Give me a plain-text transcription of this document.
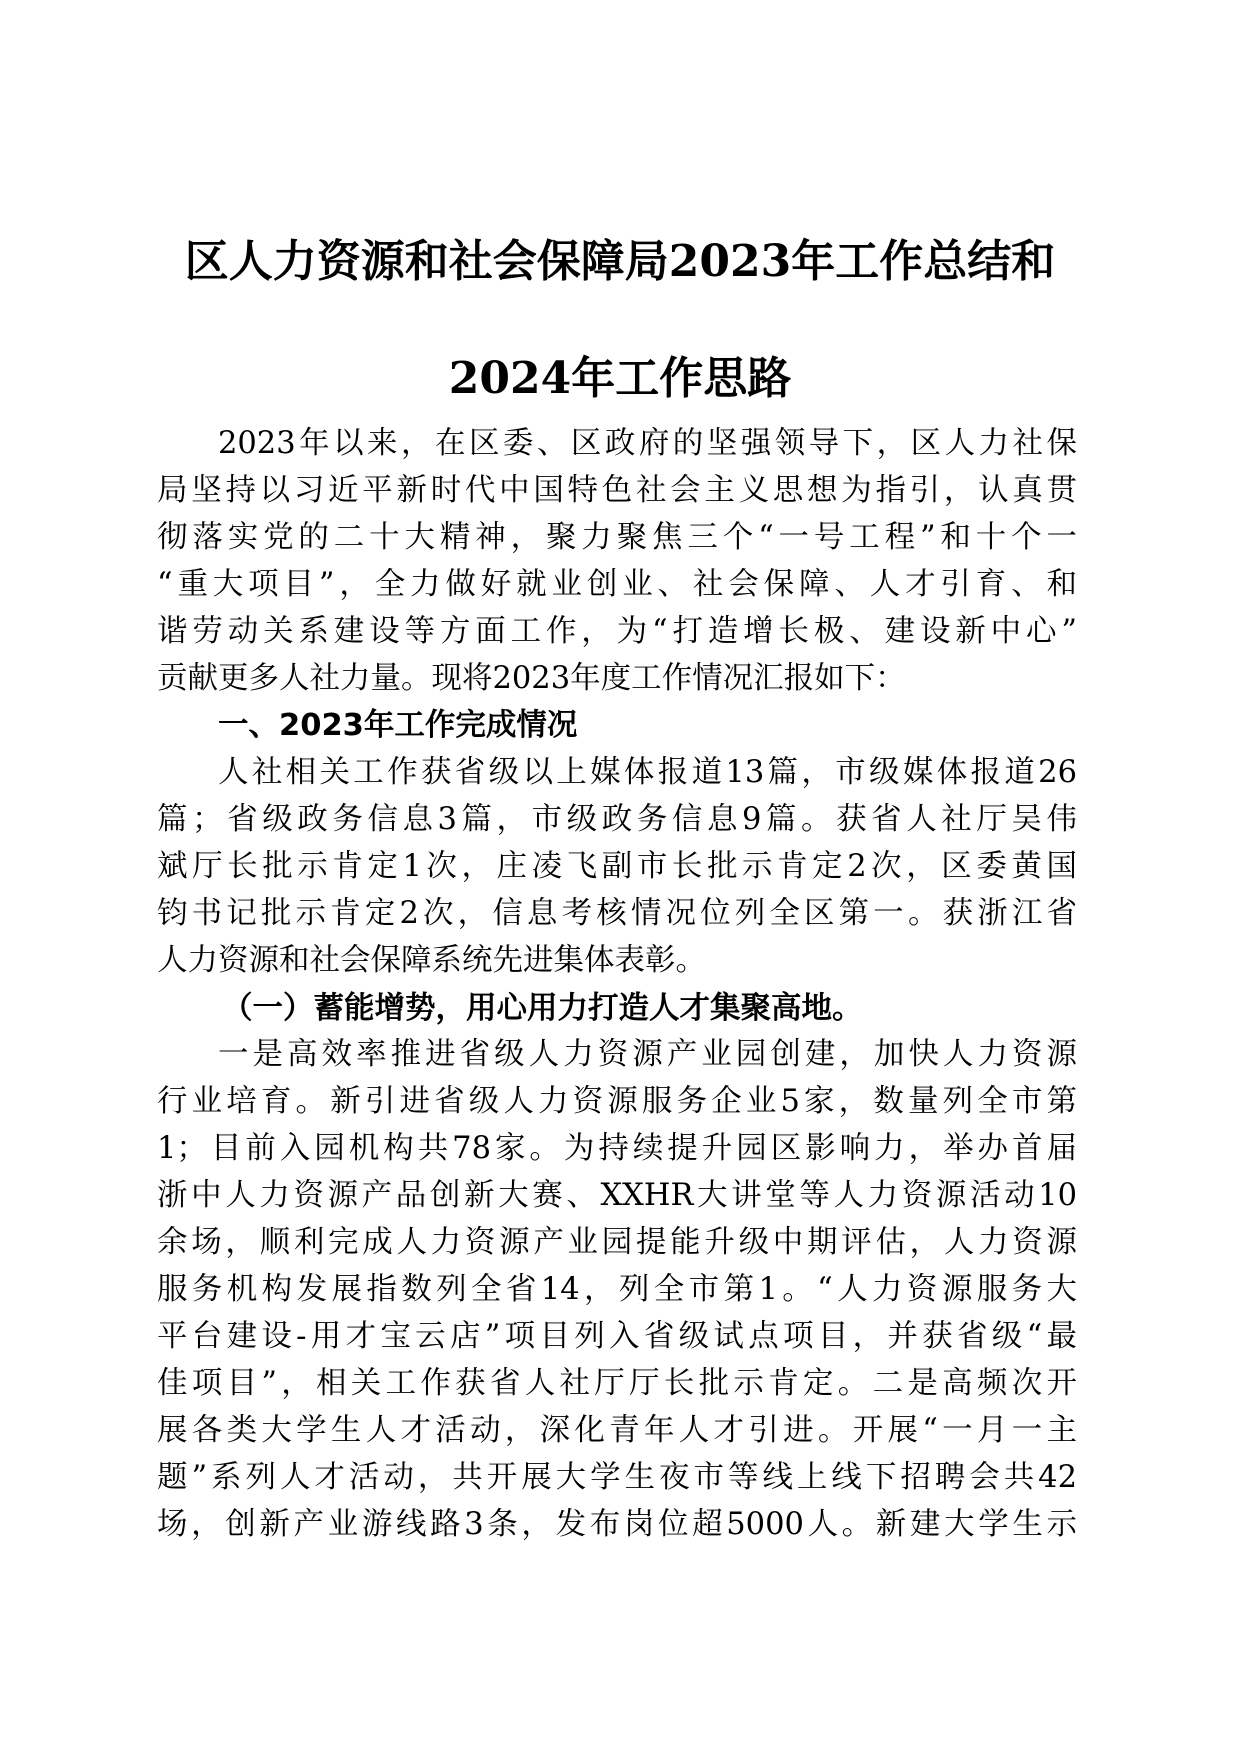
区人力资源和社会保障局2023年工作总结和
2024年工作思路
2023年以来，在区委、区政府的坚强领导下，区人力社保
局坚持以习近平新时代中国特色社会主义思想为指引，认真贯
彻落实党的二十大精神，聚力聚焦三个“一号工程”和十个一
“重大项目”，全力做好就业创业、社会保障、人才引育、和
谐劳动关系建设等方面工作，为“打造增长极、建设新中心”
贡献更多人社力量。现将2023年度工作情况汇报如下：
一、2023年工作完成情况
人社相关工作获省级以上媒体报道13篇，市级媒体报道26
篇；省级政务信息3篇，市级政务信息9篇。获省人社厅吴伟
斌厅长批示肯定1次，庄凌飞副市长批示肯定2次，区委黄国
钧书记批示肯定2次，信息考核情况位列全区第一。获浙江省
人力资源和社会保障系统先进集体表彰。
（一）蓄能增势，用心用力打造人才集聚高地。
一是高效率推进省级人力资源产业园创建，加快人力资源
行业培育。新引进省级人力资源服务企业5家，数量列全市第
1；目前入园机构共78家。为持续提升园区影响力，举办首届
浙中人力资源产品创新大赛、XXHR大讲堂等人力资源活动10
余场，顺利完成人力资源产业园提能升级中期评估，人力资源
服务机构发展指数列全省14，列全市第1。“人力资源服务大
平台建设-用才宝云店”项目列入省级试点项目，并获省级“最
佳项目”，相关工作获省人社厅厅长批示肯定。二是高频次开
展各类大学生人才活动，深化青年人才引进。开展“一月一主
题”系列人才活动，共开展大学生夜市等线上线下招聘会共42
场，创新产业游线路3条，发布岗位超5000人。新建大学生示
